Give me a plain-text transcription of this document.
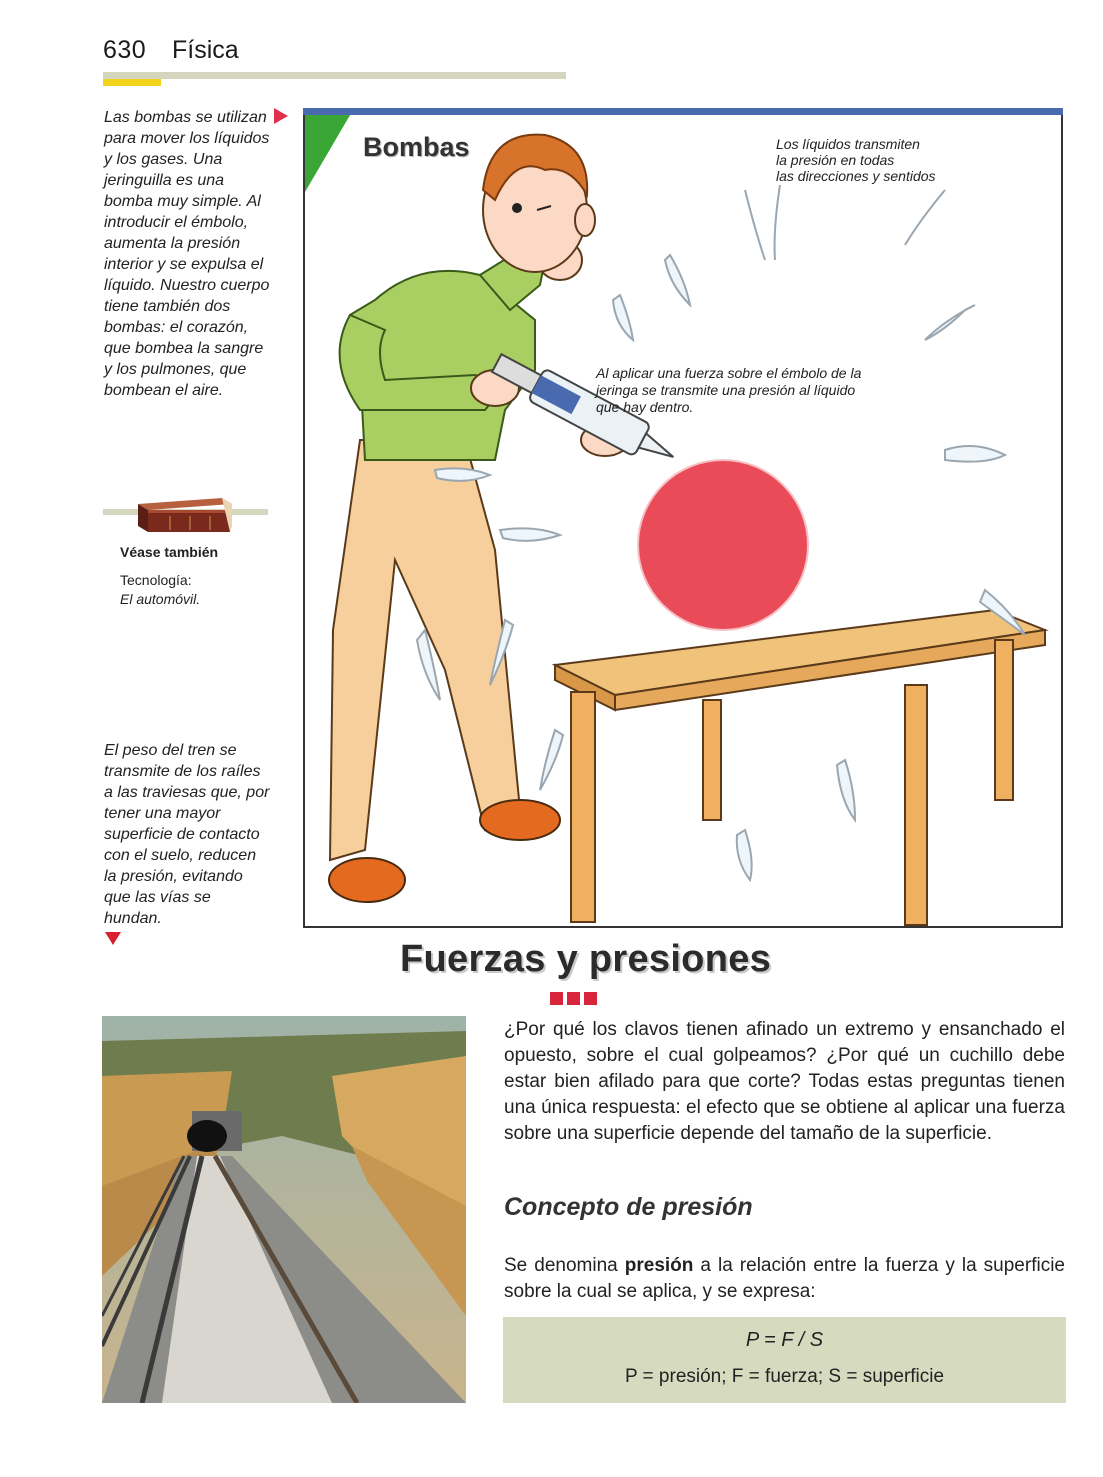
630 Física
Las bombas se utilizan para mover los líquidos y los gases. Una jeringuilla es una bomba muy simple. Al introducir el émbolo, aumenta la presión interior y se expulsa el líquido. Nuestro cuerpo tiene también dos bombas: el corazón, que bombea la sangre y los pulmones, que bombean el aire.
Véase también
Tecnología:
El automóvil.
El peso del tren se transmite de los raíles a las traviesas que, por tener una mayor superficie de contacto con el suelo, reducen la presión, evitando que las vías se hundan.
Bombas	Los líquidos transmiten
la presión en todas
las direcciones y sentidos
Al aplicar una fuerza sobre el émbolo de la
jeringa se transmite una presión al líquido
que hay dentro.
Fuerzas y presiones
¿Por qué los clavos tienen afinado un extremo y ensanchado el opuesto, sobre el cual golpeamos? ¿Por qué un cuchillo debe estar bien afilado para que corte? Todas estas preguntas tienen una única respuesta: el efecto que se obtiene al aplicar una fuerza sobre una superficie depende del tamaño de la superficie.
Concepto de presión
Se denomina presión a la relación entre la fuerza y la superficie sobre la cual se aplica, y se expresa:
P = F / S
P = presión; F = fuerza; S = superficie
